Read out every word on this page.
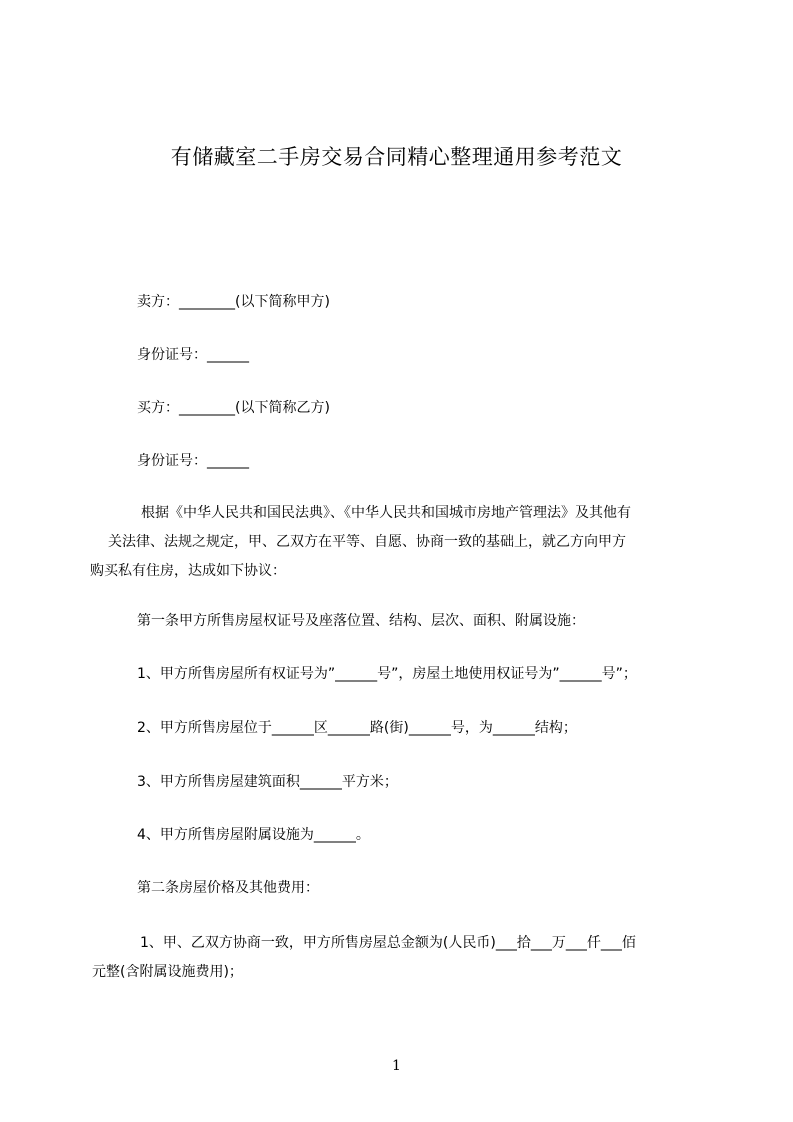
有储藏室二手房交易合同精心整理通用参考范文
卖方：________(以下简称甲方)
身份证号：______
买方：________(以下简称乙方)
身份证号：______
根据《中华人民共和国民法典》、《中华人民共和国城市房地产管理法》及其他有
关法律、法规之规定，甲、乙双方在平等、自愿、协商一致的基础上，就乙方向甲方
购买私有住房，达成如下协议：
第一条甲方所售房屋权证号及座落位置、结构、层次、面积、附属设施：
1、甲方所售房屋所有权证号为”______号”，房屋土地使用权证号为”______号”；
2、甲方所售房屋位于______区______路(街)______号，为______结构；
3、甲方所售房屋建筑面积______平方米；
4、甲方所售房屋附属设施为______。
第二条房屋价格及其他费用：
1、甲、乙双方协商一致，甲方所售房屋总金额为(人民币)___拾___万___仟___佰
元整(含附属设施费用)；
1
